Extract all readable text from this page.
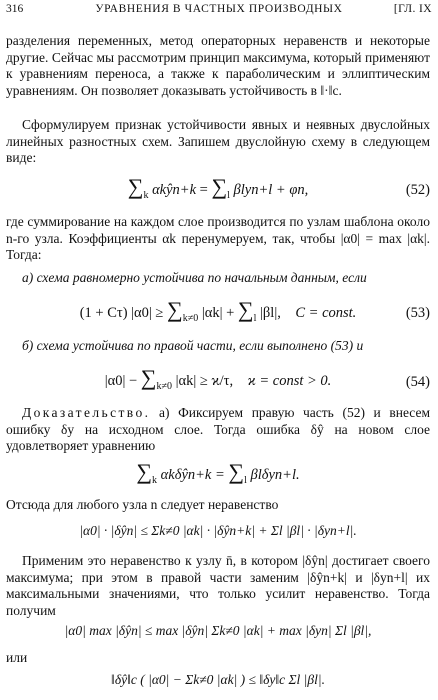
316	УРАВНЕНИЯ В ЧАСТНЫХ ПРОИЗВОДНЫХ	[ГЛ. IX

разделения переменных, метод операторных неравенств и некоторые другие. Сейчас мы рассмотрим принцип максимума, который применяют к уравнениям переноса, а также к параболическим и эллиптическим уравнениям. Он позволяет доказывать устойчивость в ‖·‖c.

Сформулируем признак устойчивости явных и неявных двуслойных линейных разностных схем. Запишем двуслойную схему в следующем виде:

$\sum_k$ αkŷn+k = $\sum_l$ βlyn+l + φn,	(52)

где суммирование на каждом слое производится по узлам шаблона около n-го узла. Коэффициенты αk перенумеруем, так, чтобы |α0| = max |αk|. Тогда:

а) схема равномерно устойчива по начальным данным, если

(1 + Cτ) $|\alpha 0| \ge \sum_{k\ne 0}$ $|\alpha k| + \sum_l$ |βl|, C = const.	(53)

б) схема устойчива по правой части, если выполнено (53) и

$|\alpha 0| - \sum_{k\ne 0}$ |αk| ≥ ϰ/τ, ϰ = const > 0.	(54)

Доказательство. а) Фиксируем правую часть (52) и внесем ошибку δy на исходном слое. Тогда ошибка δŷ на новом слое удовлетворяет уравнению

$\sum_k$ αkδŷn+k = $\sum_l$ βlδyn+l.

Отсюда для любого узла n следует неравенство

|α0| · |δŷn| ≤ Σk≠0 |αk| · |δŷn+k| + Σl |βl| · |δyn+l|.

Применим это неравенство к узлу n̄, в котором |δŷn| достигает своего максимума; при этом в правой части заменим |δŷn+k| и |δyn+l| их максимальными значениями, что только усилит неравенство. Тогда получим

|α0| max |δŷn| ≤ max |δŷn| Σk≠0 |αk| + max |δyn| Σl |βl|,

или

‖δŷ‖c ( |α0| − Σk≠0 |αk| ) ≤ ‖δy‖c Σl |βl|.
